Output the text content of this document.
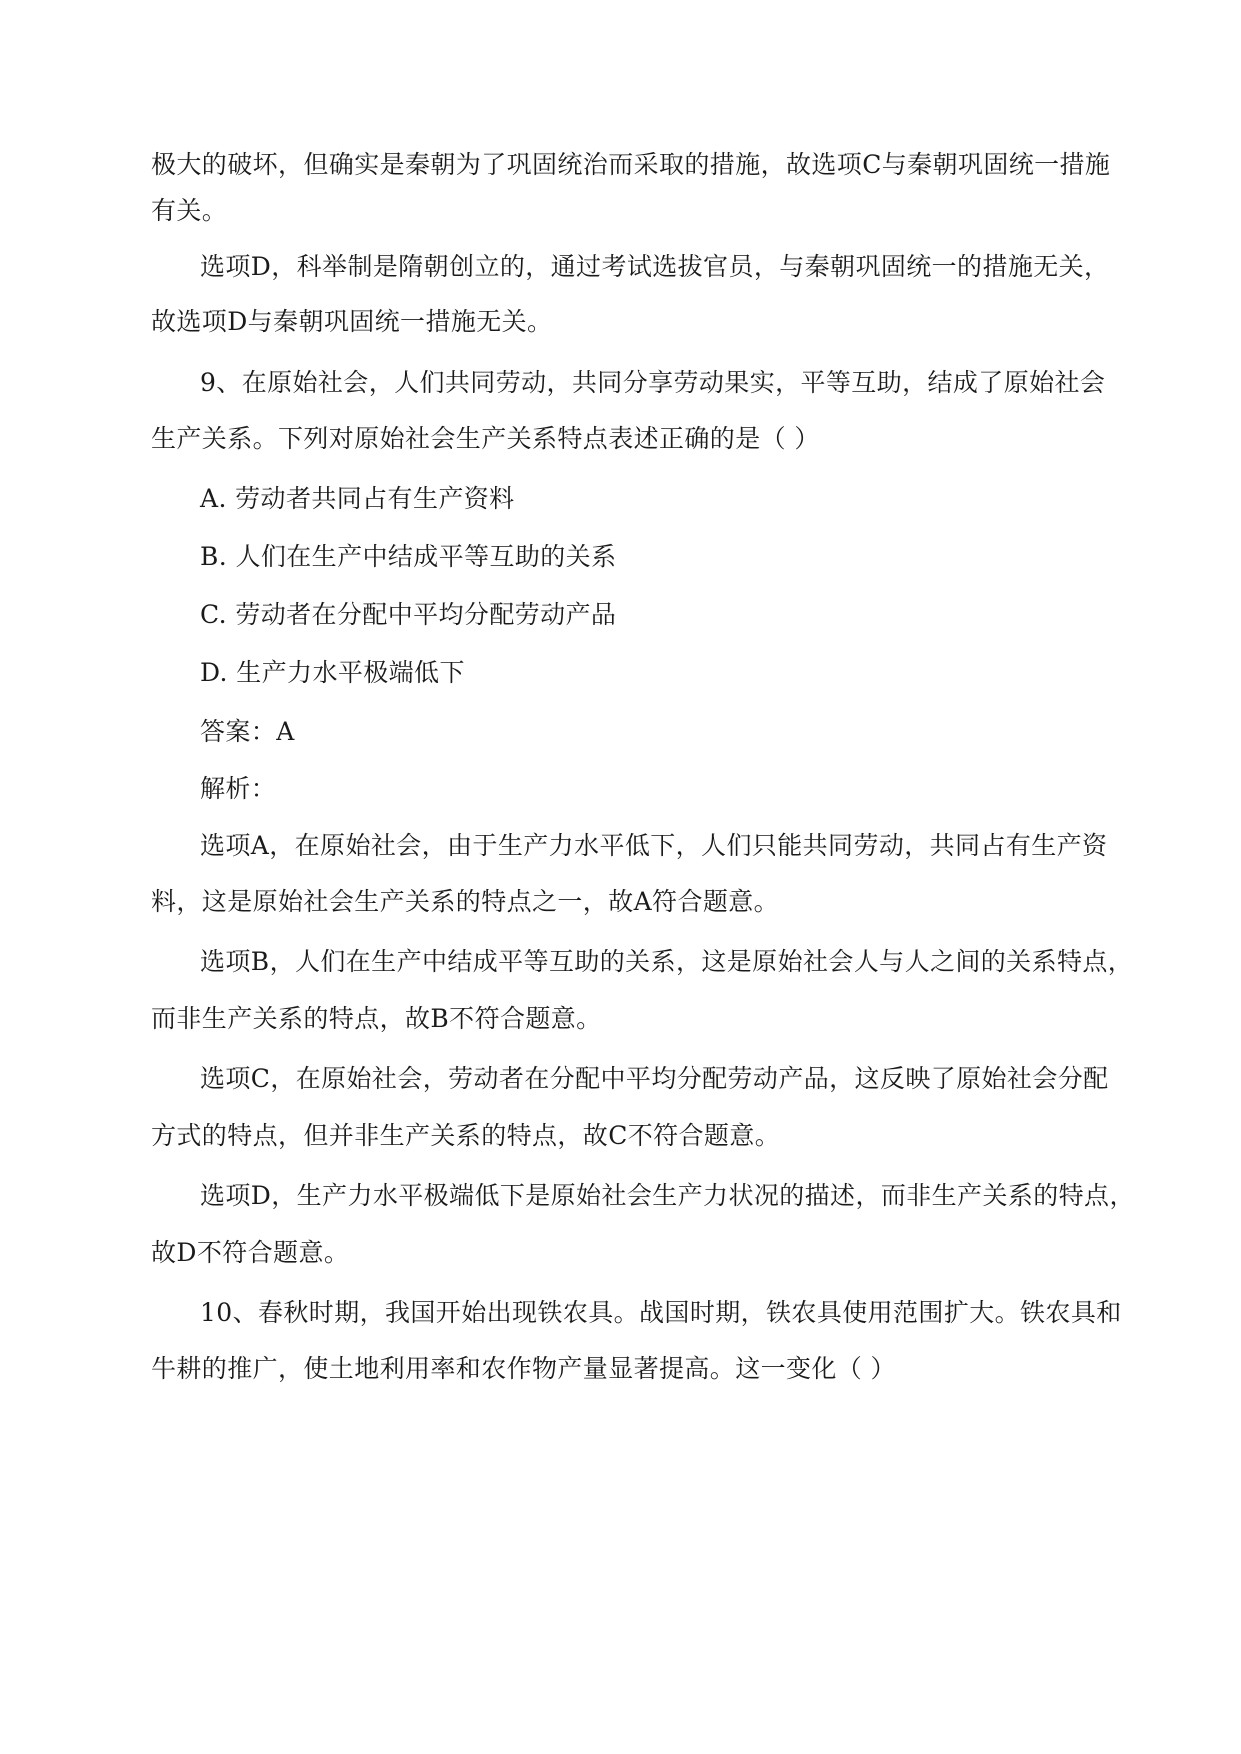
极大的破坏，但确实是秦朝为了巩固统治而采取的措施，故选项C与秦朝巩固统一措施
有关。
选项D，科举制是隋朝创立的，通过考试选拔官员，与秦朝巩固统一的措施无关，
故选项D与秦朝巩固统一措施无关。
9、在原始社会，人们共同劳动，共同分享劳动果实，平等互助，结成了原始社会
生产关系。下列对原始社会生产关系特点表述正确的是（ ）
A. 劳动者共同占有生产资料
B. 人们在生产中结成平等互助的关系
C. 劳动者在分配中平均分配劳动产品
D. 生产力水平极端低下
答案：A
解析：
选项A，在原始社会，由于生产力水平低下，人们只能共同劳动，共同占有生产资
料，这是原始社会生产关系的特点之一，故A符合题意。
选项B，人们在生产中结成平等互助的关系，这是原始社会人与人之间的关系特点，
而非生产关系的特点，故B不符合题意。
选项C，在原始社会，劳动者在分配中平均分配劳动产品，这反映了原始社会分配
方式的特点，但并非生产关系的特点，故C不符合题意。
选项D，生产力水平极端低下是原始社会生产力状况的描述，而非生产关系的特点，
故D不符合题意。
10、春秋时期，我国开始出现铁农具。战国时期，铁农具使用范围扩大。铁农具和
牛耕的推广，使土地利用率和农作物产量显著提高。这一变化（ ）
